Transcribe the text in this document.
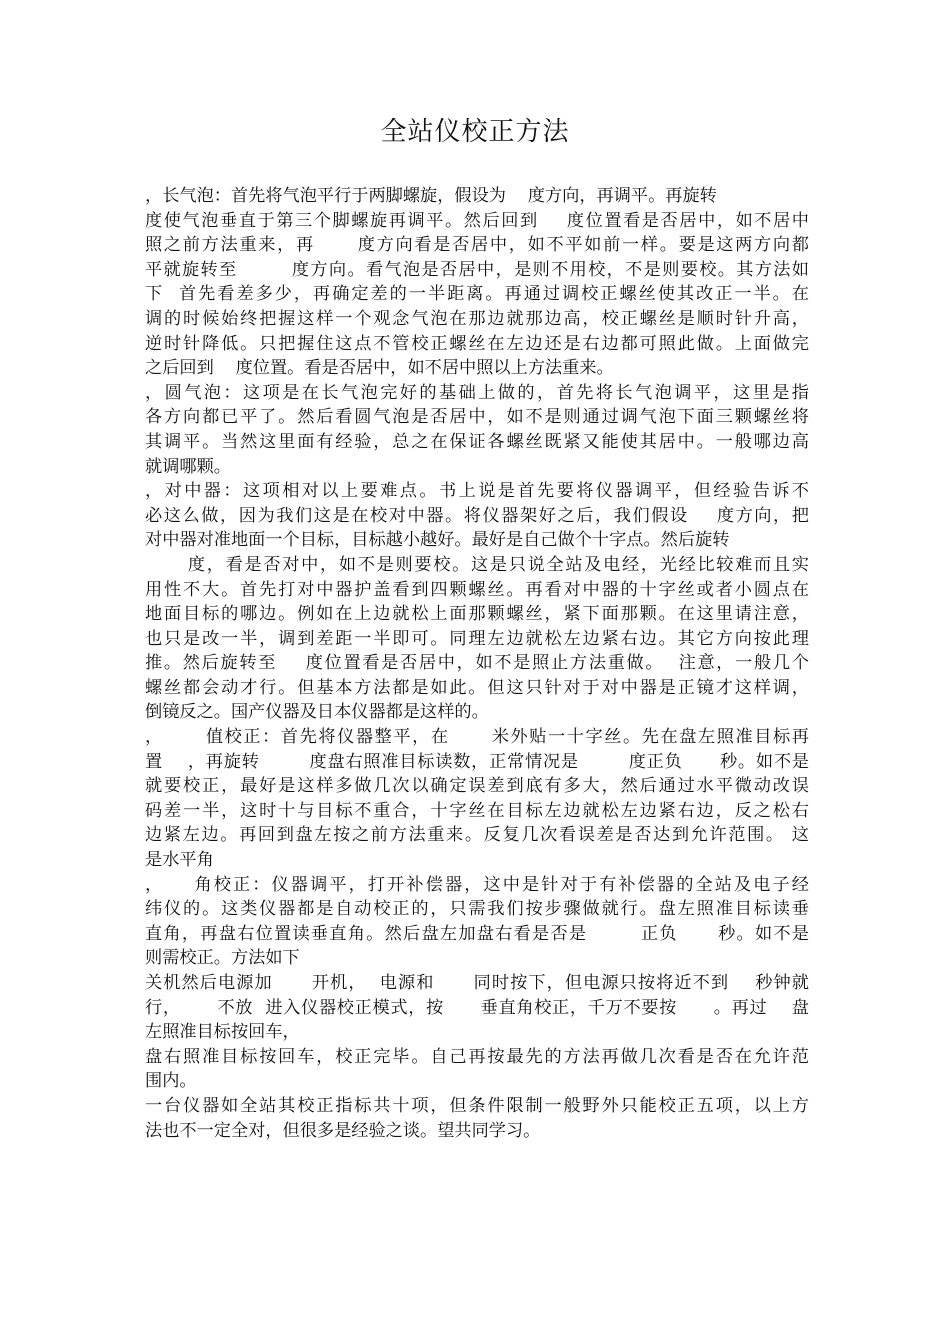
全站仪校正方法
，长气泡：首先将气泡平行于两脚螺旋，假设为    度方向，再调平。再旋转
度使气泡垂直于第三个脚螺旋再调平。然后回到    度位置看是否居中，如不居中
照之前方法重来，再      度方向看是否居中，如不平如前一样。要是这两方向都
平就旋转至        度方向。看气泡是否居中，是则不用校，不是则要校。其方法如
下  首先看差多少，再确定差的一半距离。再通过调校正螺丝使其改正一半。在
调的时候始终把握这样一个观念气泡在那边就那边高，校正螺丝是顺时针升高，
逆时针降低。只把握住这点不管校正螺丝在左边还是右边都可照此做。上面做完
之后回到    度位置。看是否居中，如不居中照以上方法重来。
，圆气泡：这项是在长气泡完好的基础上做的，首先将长气泡调平，这里是指
各方向都已平了。然后看圆气泡是否居中，如不是则通过调气泡下面三颗螺丝将
其调平。当然这里面有经验，总之在保证各螺丝既紧又能使其居中。一般哪边高
就调哪颗。
，对中器：这项相对以上要难点。书上说是首先要将仪器调平，但经验告诉不
必这么做，因为我们这是在校对中器。将仪器架好之后，我们假设    度方向，把
对中器对准地面一个目标，目标越小越好。最好是自己做个十字点。然后旋转
度，看是否对中，如不是则要校。这是只说全站及电经，光经比较难而且实
用性不大。首先打对中器护盖看到四颗螺丝。再看对中器的十字丝或者小圆点在
地面目标的哪边。例如在上边就松上面那颗螺丝，紧下面那颗。在这里请注意，
也只是改一半，调到差距一半即可。同理左边就松左边紧右边。其它方向按此理
推。然后旋转至    度位置看是否居中，如不是照止方法重做。  注意，一般几个
螺丝都会动才行。但基本方法都是如此。但这只针对于对中器是正镜才这样调，
倒镜反之。国产仪器及日本仪器都是这样的。
，      值校正：首先将仪器整平，在      米外贴一十字丝。先在盘左照准目标再
置    ，再旋转        度盘右照准目标读数，正常情况是        度正负      秒。如不是
就要校正，最好是这样多做几次以确定误差到底有多大，然后通过水平微动改误
码差一半，这时十与目标不重合，十字丝在目标左边就松左边紧右边，反之松右
边紧左边。再回到盘左按之前方法重来。反复几次看误差是否达到允许范围。 这
是水平角
，    角校正：仪器调平，打开补偿器，这中是针对于有补偿器的全站及电子经
纬仪的。这类仪器都是自动校正的，只需我们按步骤做就行。盘左照准目标读垂
直角，再盘右位置读垂直角。然后盘左加盘右看是否是        正负      秒。如不是
则需校正。方法如下
关机然后电源加      开机，  电源和      同时按下，但电源只按将近不到    秒钟就
行，      不放  进入仪器校正模式，按      垂直角校正，千万不要按      。再过    盘
左照准目标按回车，
盘右照准目标按回车，校正完毕。自己再按最先的方法再做几次看是否在允许范
围内。
一台仪器如全站其校正指标共十项，但条件限制一般野外只能校正五项，以上方
法也不一定全对，但很多是经验之谈。望共同学习。
